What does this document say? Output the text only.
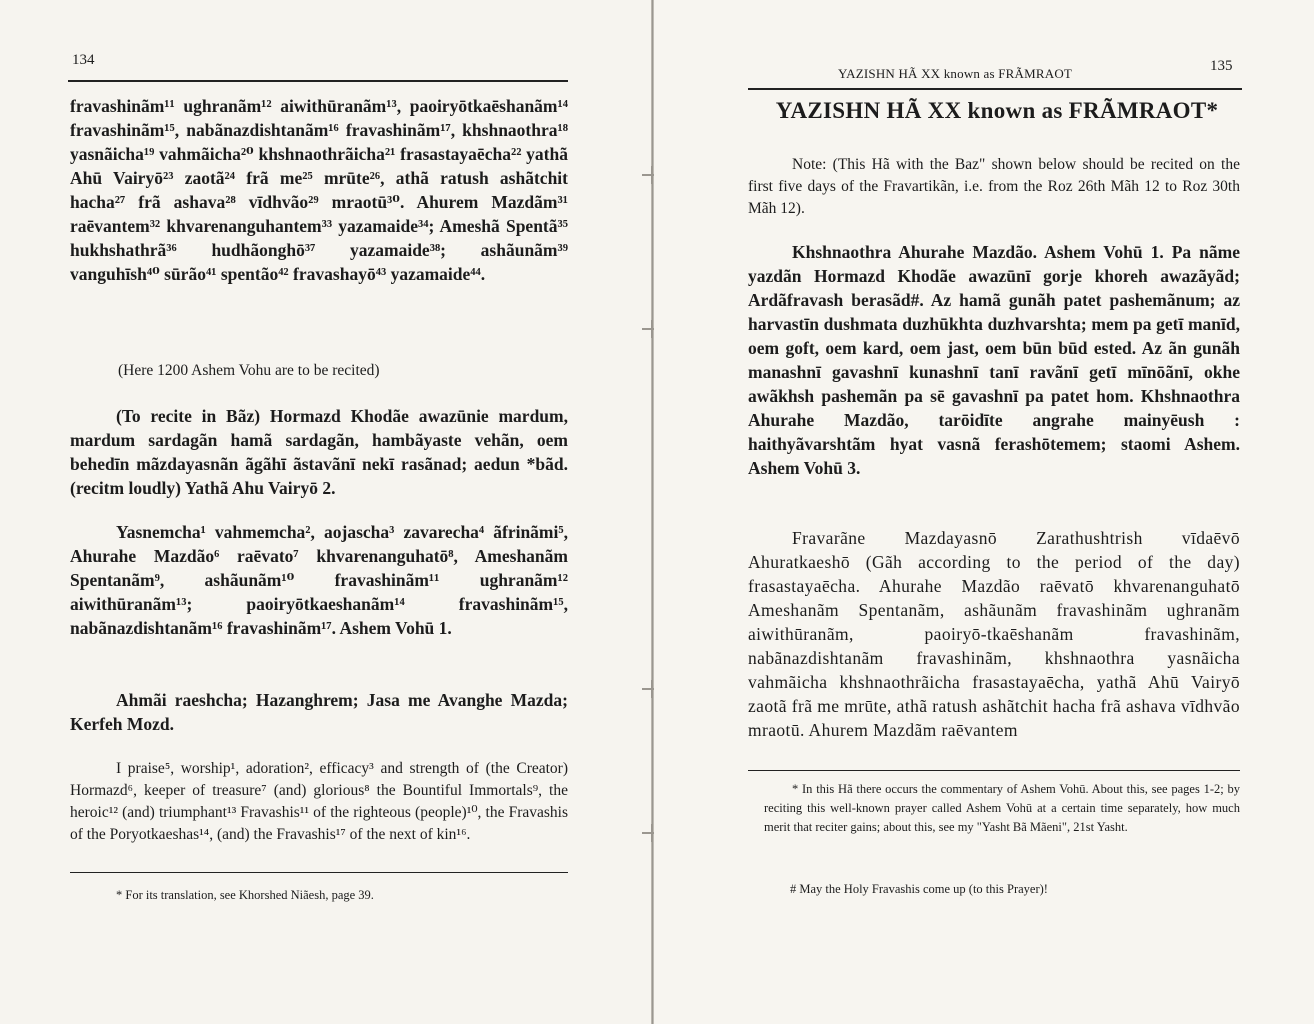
134

fravashinãm¹¹ ughranãm¹² aiwithūranãm¹³, paoiryōtkaēshanãm¹⁴ fravashinãm¹⁵, nabãnazdishtanãm¹⁶ fravashinãm¹⁷, khshnaothra¹⁸ yasnãicha¹⁹ vahmãicha²⁰ khshnaothrãicha²¹ frasastayaēcha²² yathã Ahū Vairyō²³ zaotã²⁴ frã me²⁵ mrūte²⁶, athã ratush ashãtchit hacha²⁷ frã ashava²⁸ vīdhvão²⁹ mraotū³⁰. Ahurem Mazdãm³¹ raēvantem³² khvarenanguhantem³³ yazamaide³⁴; Ameshã Spentã³⁵ hukhshathrã³⁶ hudhãonghō³⁷ yazamaide³⁸; ashãunãm³⁹ vanguhīsh⁴⁰ sūrão⁴¹ spentão⁴² fravashayō⁴³ yazamaide⁴⁴.

(Here 1200 Ashem Vohu are to be recited)

(To recite in Bãz) Hormazd Khodãe awazūnie mardum, mardum sardagãn hamã sardagãn, hambãyaste vehãn, oem behedīn mãzdayasnãn ãgãhī ãstavãnī nekī rasãnad; aedun *bãd. (recitm loudly) Yathã Ahu Vairyō 2.

Yasnemcha¹ vahmemcha², aojascha³ zavarecha⁴ ãfrinãmi⁵, Ahurahe Mazdão⁶ raēvato⁷ khvarenanguhatō⁸, Ameshanãm Spentanãm⁹, ashãunãm¹⁰ fravashinãm¹¹ ughranãm¹² aiwithūranãm¹³; paoiryōtkaeshanãm¹⁴ fravashinãm¹⁵, nabãnazdishtanãm¹⁶ fravashinãm¹⁷. Ashem Vohū 1.

Ahmãi raeshcha; Hazanghrem; Jasa me Avanghe Mazda; Kerfeh Mozd.

I praise⁵, worship¹, adoration², efficacy³ and strength of (the Creator) Hormazd⁶, keeper of treasure⁷ (and) glorious⁸ the Bountiful Immortals⁹, the heroic¹² (and) triumphant¹³ Fravashis¹¹ of the righteous (people)¹⁰, the Fravashis of the Poryotkaeshas¹⁴, (and) the Fravashis¹⁷ of the next of kin¹⁶.

* For its translation, see Khorshed Niãesh, page 39.

YAZISHN HÃ XX known as FRÃMRAOT	135
YAZISHN HÃ XX known as FRÃMRAOT*

Note: (This Hã with the Baz" shown below should be recited on the first five days of the Fravartikãn, i.e. from the Roz 26th Mãh 12 to Roz 30th Mãh 12).

Khshnaothra Ahurahe Mazdão. Ashem Vohū 1. Pa nãme yazdãn Hormazd Khodãe awazūnī gorje khoreh awazãyãd; Ardãfravash berasãd#. Az hamã gunãh patet pashemãnum; az harvastīn dushmata duzhūkhta duzhvarshta; mem pa getī manīd, oem goft, oem kard, oem jast, oem būn būd ested. Az ãn gunãh manashnī gavashnī kunashnī tanī ravãnī getī mīnōãnī, okhe awãkhsh pashemãn pa sē gavashnī pa patet hom. Khshnaothra Ahurahe Mazdão, tarōidīte angrahe mainyēush : haithyãvarshtãm hyat vasnã ferashōtemem; staomi Ashem. Ashem Vohū 3.

Fravarãne Mazdayasnō Zarathushtrish vīdaēvō Ahuratkaeshō (Gãh according to the period of the day) frasastayaēcha. Ahurahe Mazdão raēvatō khvarenanguhatō Ameshanãm Spentanãm, ashãunãm fravashinãm ughranãm aiwithūranãm, paoiryō-tkaēshanãm fravashinãm, nabãnazdishtanãm fravashinãm, khshnaothra yasnãicha vahmãicha khshnaothrãicha frasastayaēcha, yathã Ahū Vairyō zaotã frã me mrūte, athã ratush ashãtchit hacha frã ashava vīdhvão mraotū. Ahurem Mazdãm raēvantem

* In this Hã there occurs the commentary of Ashem Vohū. About this, see pages 1-2; by reciting this well-known prayer called Ashem Vohū at a certain time separately, how much merit that reciter gains; about this, see my "Yasht Bã Mãeni", 21st Yasht.

# May the Holy Fravashis come up (to this Prayer)!
